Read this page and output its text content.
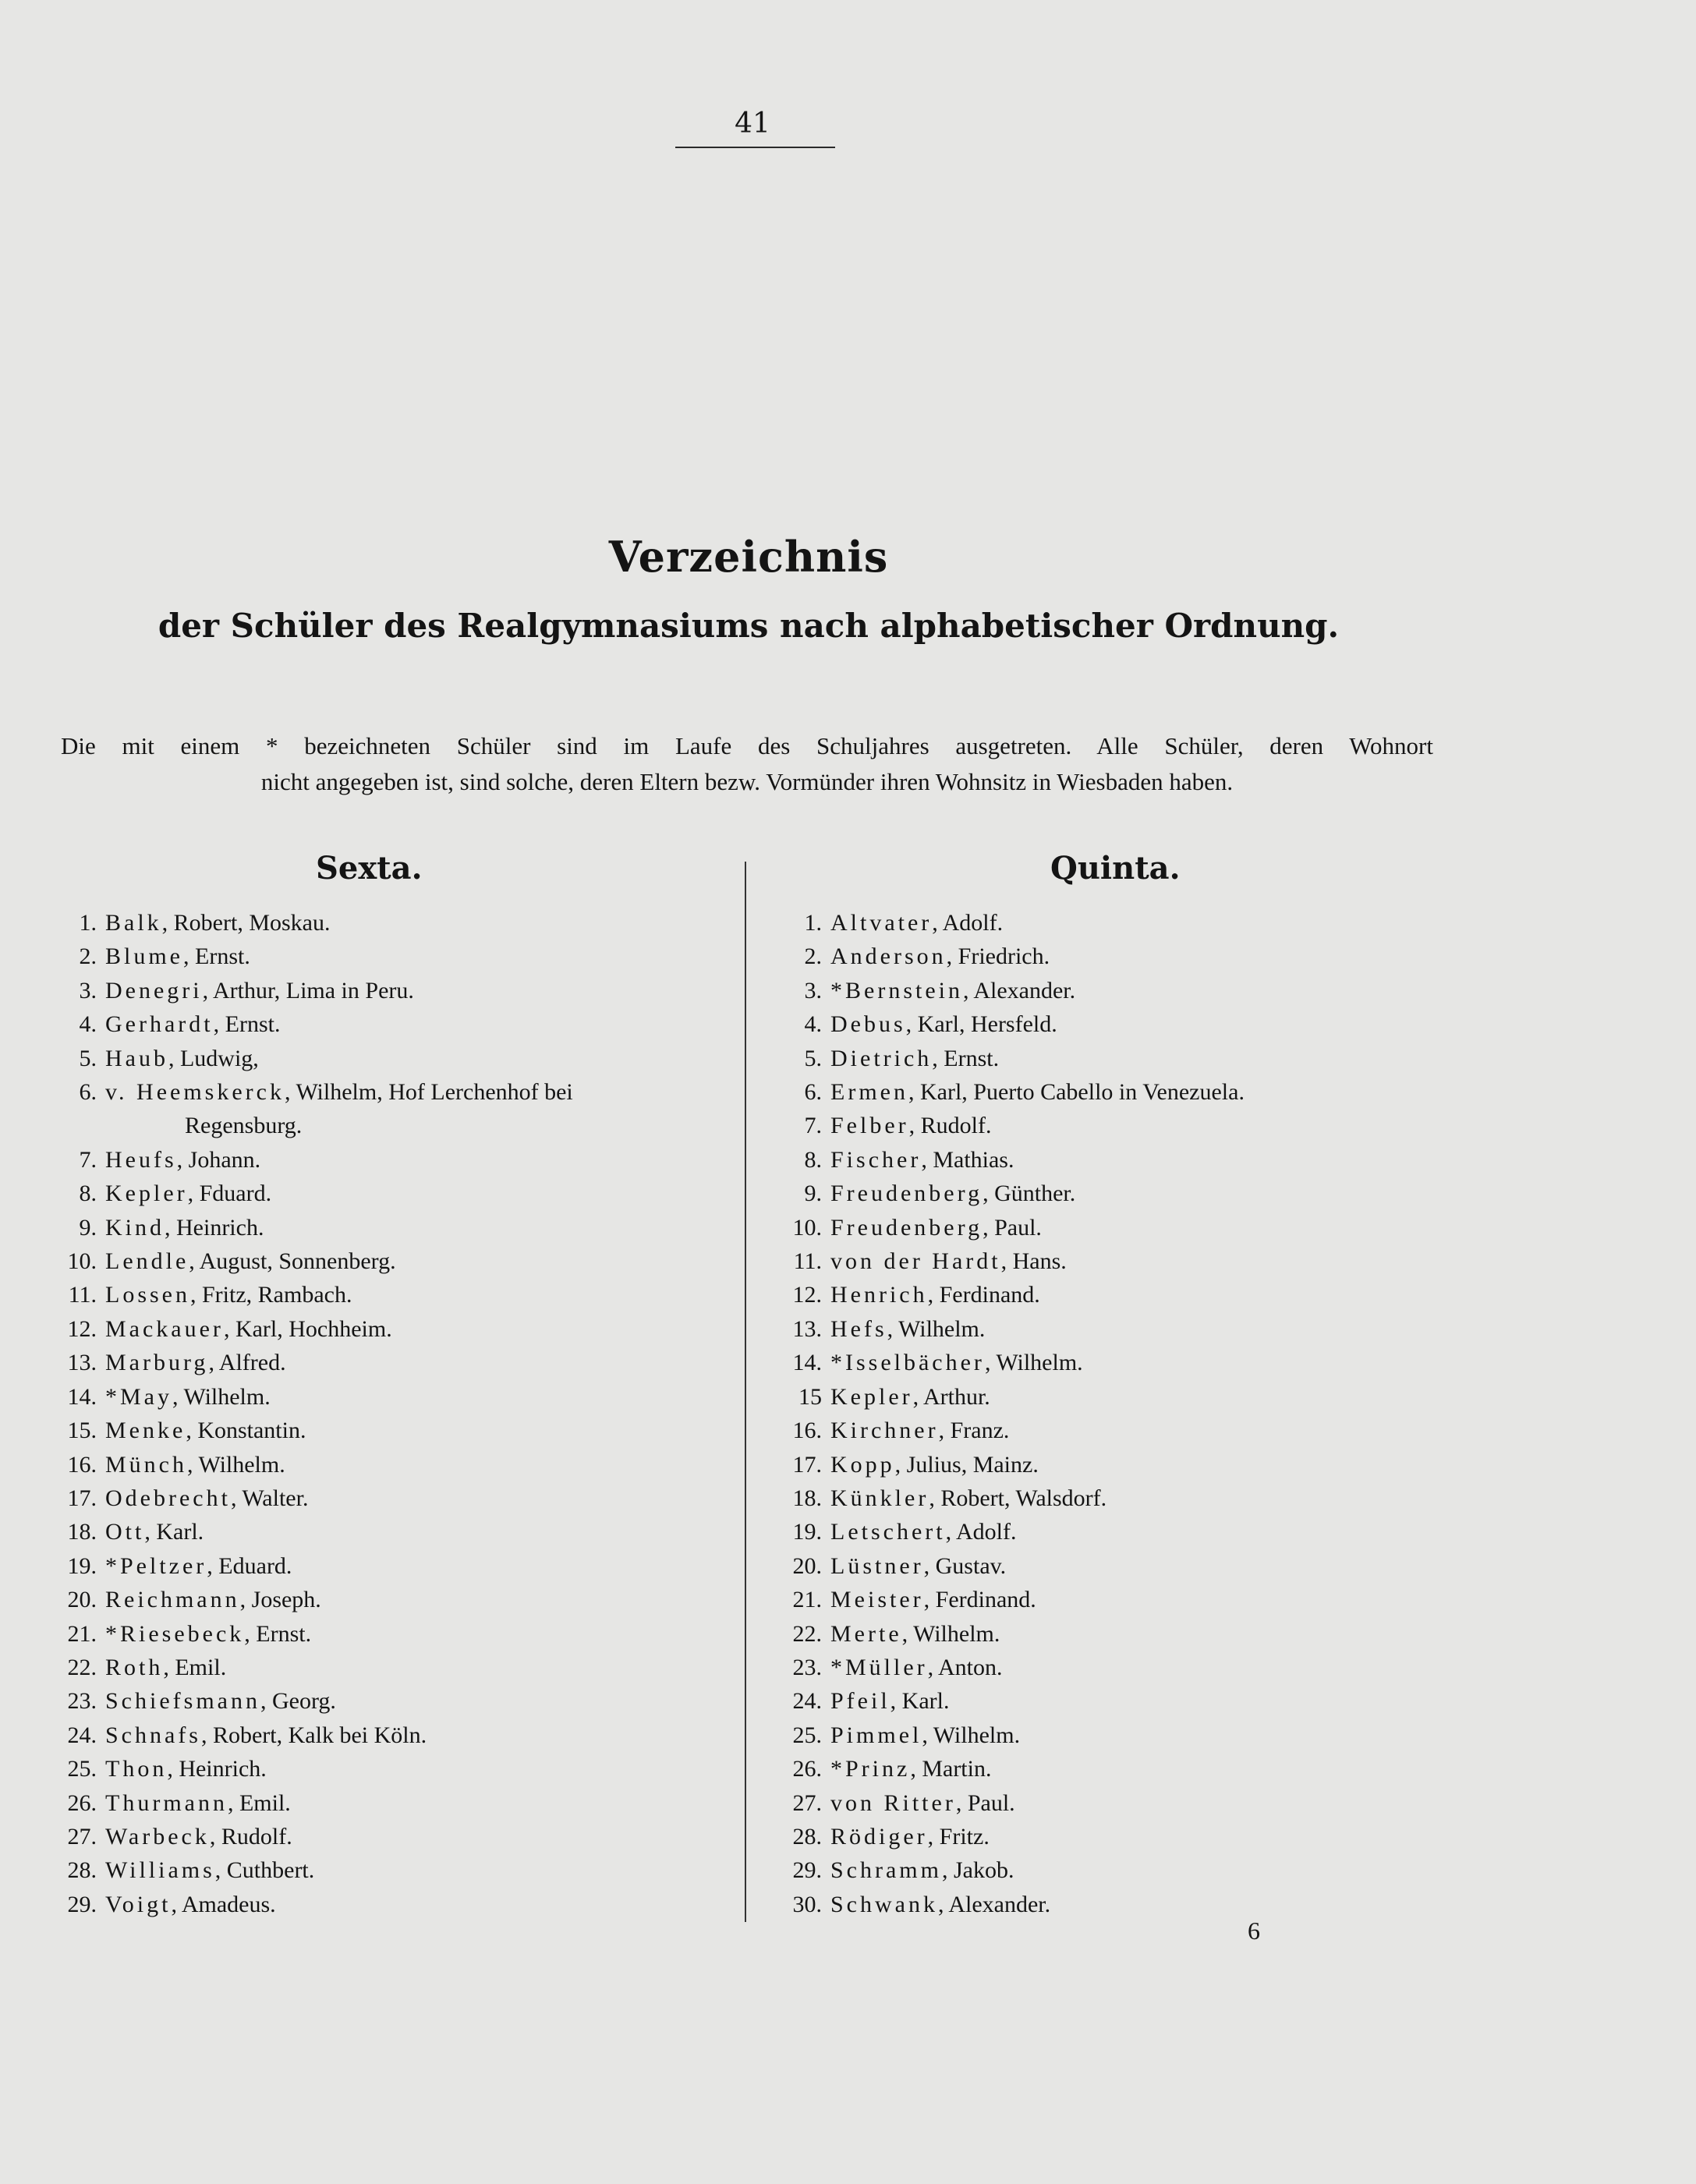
41
Verzeichnis
der Schüler des Realgymnasiums nach alphabetischer Ordnung.
Die mit einem * bezeichneten Schüler sind im Laufe des Schuljahres ausgetreten. Alle Schüler, deren Wohnort
nicht angegeben ist, sind solche, deren Eltern bezw. Vormünder ihren Wohnsitz in Wiesbaden haben.
Sexta.
1. Balk, Robert, Moskau.
2. Blume, Ernst.
3. Denegri, Arthur, Lima in Peru.
4. Gerhardt, Ernst.
5. Haub, Ludwig,
6. v. Heemskerck, Wilhelm, Hof Lerchenhof bei
Regensburg.
7. Heufs, Johann.
8. Kepler, Fduard.
9. Kind, Heinrich.
10. Lendle, August, Sonnenberg.
11. Lossen, Fritz, Rambach.
12. Mackauer, Karl, Hochheim.
13. Marburg, Alfred.
14. *May, Wilhelm.
15. Menke, Konstantin.
16. Münch, Wilhelm.
17. Odebrecht, Walter.
18. Ott, Karl.
19. *Peltzer, Eduard.
20. Reichmann, Joseph.
21. *Riesebeck, Ernst.
22. Roth, Emil.
23. Schiefsmann, Georg.
24. Schnafs, Robert, Kalk bei Köln.
25. Thon, Heinrich.
26. Thurmann, Emil.
27. Warbeck, Rudolf.
28. Williams, Cuthbert.
29. Voigt, Amadeus.
Quinta.
1. Altvater, Adolf.
2. Anderson, Friedrich.
3. *Bernstein, Alexander.
4. Debus, Karl, Hersfeld.
5. Dietrich, Ernst.
6. Ermen, Karl, Puerto Cabello in Venezuela.
7. Felber, Rudolf.
8. Fischer, Mathias.
9. Freudenberg, Günther.
10. Freudenberg, Paul.
11. von der Hardt, Hans.
12. Henrich, Ferdinand.
13. Hefs, Wilhelm.
14. *Isselbächer, Wilhelm.
15 Kepler, Arthur.
16. Kirchner, Franz.
17. Kopp, Julius, Mainz.
18. Künkler, Robert, Walsdorf.
19. Letschert, Adolf.
20. Lüstner, Gustav.
21. Meister, Ferdinand.
22. Merte, Wilhelm.
23. *Müller, Anton.
24. Pfeil, Karl.
25. Pimmel, Wilhelm.
26. *Prinz, Martin.
27. von Ritter, Paul.
28. Rödiger, Fritz.
29. Schramm, Jakob.
30. Schwank, Alexander.
6
